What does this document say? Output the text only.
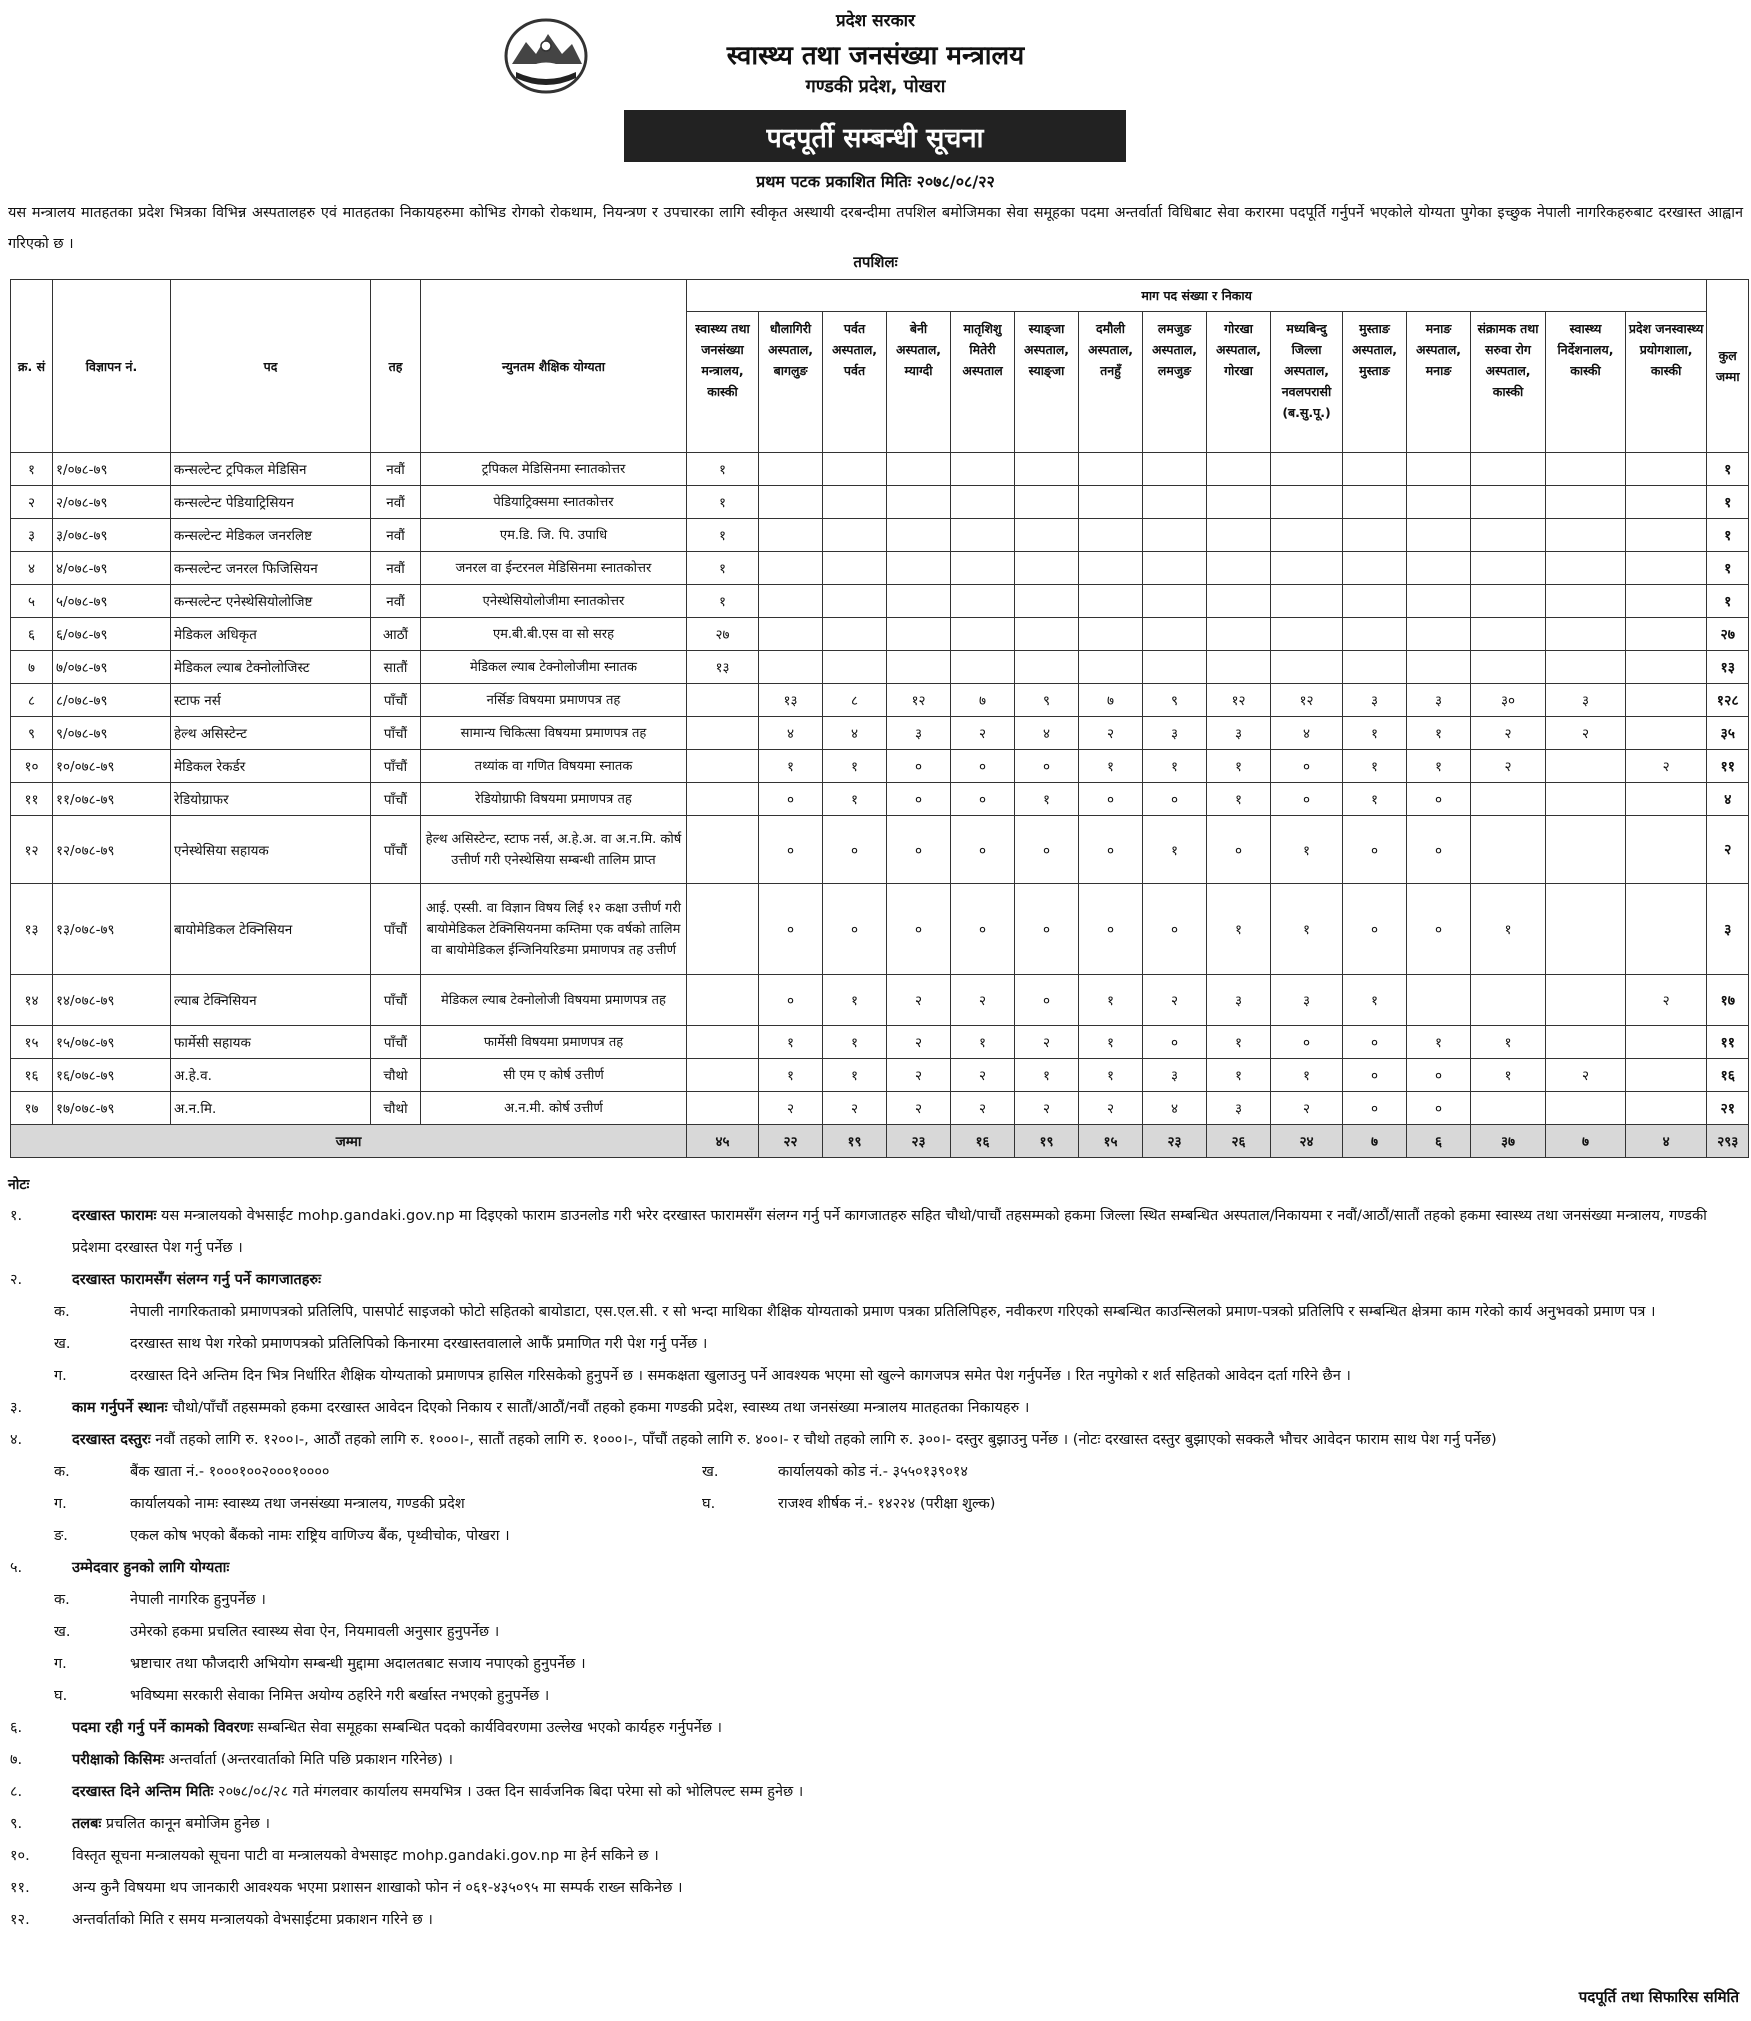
प्रदेश सरकार
स्वास्थ्य तथा जनसंख्या मन्त्रालय
गण्डकी प्रदेश, पोखरा
पदपूर्ती सम्बन्धी सूचना
प्रथम पटक प्रकाशित मितिः २०७८/०८/२२
यस मन्त्रालय मातहतका प्रदेश भित्रका विभिन्न अस्पतालहरु एवं मातहतका निकायहरुमा कोभिड रोगको रोकथाम, नियन्त्रण र उपचारका लागि स्वीकृत अस्थायी दरबन्दीमा तपशिल बमोजिमका सेवा समूहका पदमा अन्तर्वार्ता विधिबाट सेवा करारमा पदपूर्ति गर्नुपर्ने भएकोले योग्यता पुगेका इच्छुक नेपाली नागरिकहरुबाट दरखास्त आह्वान गरिएको छ ।
तपशिलः
क्र. सं	विज्ञापन नं.	पद	तह	न्युनतम शैक्षिक योग्यता	माग पद संख्या र निकाय															कुल जम्मा
					स्वास्थ्य तथा जनसंख्या मन्त्रालय, कास्की	धौलागिरी अस्पताल, बागलुङ	पर्वत अस्पताल, पर्वत	बेनी अस्पताल, म्याग्दी	मातृशिशु मितेरी अस्पताल	स्याङ्जा अस्पताल, स्याङ्जा	दमौली अस्पताल, तनहुँ	लमजुङ अस्पताल, लमजुङ	गोरखा अस्पताल, गोरखा	मध्यबिन्दु जिल्ला अस्पताल, नवलपरासी (ब.सु.पू.)	मुस्ताङ अस्पताल, मुस्ताङ	मनाङ अस्पताल, मनाङ	संक्रामक तथा सरुवा रोग अस्पताल, कास्की	स्वास्थ्य निर्देशनालय, कास्की	प्रदेश जनस्वास्थ्य प्रयोगशाला, कास्की	
१	१/०७८-७९	कन्सल्टेन्ट ट्रपिकल मेडिसिन	नवौं	ट्रपिकल मेडिसिनमा स्नातकोत्तर	१															१
२	२/०७८-७९	कन्सल्टेन्ट पेडियाट्रिसियन	नवौं	पेडियाट्रिक्समा स्नातकोत्तर	१															१
३	३/०७८-७९	कन्सल्टेन्ट मेडिकल जनरलिष्ट	नवौं	एम.डि. जि. पि. उपाधि	१															१
४	४/०७८-७९	कन्सल्टेन्ट जनरल फिजिसियन	नवौं	जनरल वा ईन्टरनल मेडिसिनमा स्नातकोत्तर	१															१
५	५/०७८-७९	कन्सल्टेन्ट एनेस्थेसियोलोजिष्ट	नवौं	एनेस्थेसियोलोजीमा स्नातकोत्तर	१															१
६	६/०७८-७९	मेडिकल अधिकृत	आठौं	एम.बी.बी.एस वा सो सरह	२७															२७
७	७/०७८-७९	मेडिकल ल्याब टेक्नोलोजिस्ट	सातौं	मेडिकल ल्याब टेक्नोलोजीमा स्नातक	१३															१३
८	८/०७८-७९	स्टाफ नर्स	पाँचौं	नर्सिङ विषयमा प्रमाणपत्र तह		१३	८	१२	७	९	७	९	१२	१२	३	३	३०	३		१२८
९	९/०७८-७९	हेल्थ असिस्टेन्ट	पाँचौं	सामान्य चिकित्सा विषयमा प्रमाणपत्र तह		४	४	३	२	४	२	३	३	४	१	१	२	२		३५
१०	१०/०७८-७९	मेडिकल रेकर्डर	पाँचौं	तथ्यांक वा गणित विषयमा स्नातक		१	१	०	०	०	१	१	१	०	१	१	२		२	११
११	११/०७८-७९	रेडियोग्राफर	पाँचौं	रेडियोग्राफी विषयमा प्रमाणपत्र तह		०	१	०	०	१	०	०	१	०	१	०				४
१२	१२/०७८-७९	एनेस्थेसिया सहायक	पाँचौं	हेल्थ असिस्टेन्ट, स्टाफ नर्स, अ.हे.अ. वा अ.न.मि. कोर्ष उत्तीर्ण गरी एनेस्थेसिया सम्बन्धी तालिम प्राप्त		०	०	०	०	०	०	१	०	१	०	०				२
१३	१३/०७८-७९	बायोमेडिकल टेक्निसियन	पाँचौं	आई. एस्सी. वा विज्ञान विषय लिई १२ कक्षा उत्तीर्ण गरी बायोमेडिकल टेक्निसियनमा कम्तिमा एक वर्षको तालिम वा बायोमेडिकल ईन्जिनियरिङमा प्रमाणपत्र तह उत्तीर्ण		०	०	०	०	०	०	०	१	१	०	०	१			३
१४	१४/०७८-७९	ल्याब टेक्निसियन	पाँचौं	मेडिकल ल्याब टेक्नोलोजी विषयमा प्रमाणपत्र तह		०	१	२	२	०	१	२	३	३	१				२	१७
१५	१५/०७८-७९	फार्मेसी सहायक	पाँचौं	फार्मेसी विषयमा प्रमाणपत्र तह		१	१	२	१	२	१	०	१	०	०	१	१			११
१६	१६/०७८-७९	अ.हे.व.	चौथो	सी एम ए कोर्ष उत्तीर्ण		१	१	२	२	१	१	३	१	१	०	०	१	२		१६
१७	१७/०७८-७९	अ.न.मि.	चौथो	अ.न.मी. कोर्ष उत्तीर्ण		२	२	२	२	२	२	४	३	२	०	०				२१
जम्मा					४५	२२	१९	२३	१६	१९	१५	२३	२६	२४	७	६	३७	७	४	२९३
नोटः

१.	दरखास्त फारामः यस मन्त्रालयको वेभसाईट mohp.gandaki.gov.np मा दिइएको फाराम डाउनलोड गरी भरेर दरखास्त फारामसँग संलग्न गर्नु पर्ने कागजातहरु सहित चौथो/पाचौं तहसम्मको हकमा जिल्ला स्थित सम्बन्धित अस्पताल/निकायमा र नवौं/आठौं/सातौं तहको हकमा स्वास्थ्य तथा जनसंख्या मन्त्रालय, गण्डकी प्रदेशमा दरखास्त पेश गर्नु पर्नेछ ।

२.	दरखास्त फारामसँग संलग्न गर्नु पर्ने कागजातहरुः

क.	नेपाली नागरिकताको प्रमाणपत्रको प्रतिलिपि, पासपोर्ट साइजको फोटो सहितको बायोडाटा, एस.एल.सी. र सो भन्दा माथिका शैक्षिक योग्यताको प्रमाण पत्रका प्रतिलिपिहरु, नवीकरण गरिएको सम्बन्धित काउन्सिलको प्रमाण-पत्रको प्रतिलिपि र सम्बन्धित क्षेत्रमा काम गरेको कार्य अनुभवको प्रमाण पत्र ।
ख.	दरखास्त साथ पेश गरेको प्रमाणपत्रको प्रतिलिपिको किनारमा दरखास्तवालाले आफैं प्रमाणित गरी पेश गर्नु पर्नेछ ।
ग.	दरखास्त दिने अन्तिम दिन भित्र निर्धारित शैक्षिक योग्यताको प्रमाणपत्र हासिल गरिसकेको हुनुपर्ने छ । समकक्षता खुलाउनु पर्ने आवश्यक भएमा सो खुल्ने कागजपत्र समेत पेश गर्नुपर्नेछ । रित नपुगेको र शर्त सहितको आवेदन दर्ता गरिने छैन ।

३.	काम गर्नुपर्ने स्थानः चौथो/पाँचौं तहसम्मको हकमा दरखास्त आवेदन दिएको निकाय र सातौं/आठौं/नवौं तहको हकमा गण्डकी प्रदेश, स्वास्थ्य तथा जनसंख्या मन्त्रालय मातहतका निकायहरु ।

४.	दरखास्त दस्तुरः नवौं तहको लागि रु. १२००।-, आठौं तहको लागि रु. १०००।-, सातौं तहको लागि रु. १०००।-, पाँचौं तहको लागि रु. ४००।- र चौथो तहको लागि रु. ३००।- दस्तुर बुझाउनु पर्नेछ । (नोटः दरखास्त दस्तुर बुझाएको सक्कलै भौचर आवेदन फाराम साथ पेश गर्नु पर्नेछ)

क.	बैंक खाता नं.- १०००१००२०००१००००	ख.	कार्यालयको कोड नं.- ३५५०१३९०१४
ग.	कार्यालयको नामः स्वास्थ्य तथा जनसंख्या मन्त्रालय, गण्डकी प्रदेश	घ.	राजश्व शीर्षक नं.- १४२२४ (परीक्षा शुल्क)
ङ.	एकल कोष भएको बैंकको नामः राष्ट्रिय वाणिज्य बैंक, पृथ्वीचोक, पोखरा ।

५.	उम्मेदवार हुनको लागि योग्यताः

क.	नेपाली नागरिक हुनुपर्नेछ ।
ख.	उमेरको हकमा प्रचलित स्वास्थ्य सेवा ऐन, नियमावली अनुसार हुनुपर्नेछ ।
ग.	भ्रष्टाचार तथा फौजदारी अभियोग सम्बन्धी मुद्दामा अदालतबाट सजाय नपाएको हुनुपर्नेछ ।
घ.	भविष्यमा सरकारी सेवाका निमित्त अयोग्य ठहरिने गरी बर्खास्त नभएको हुनुपर्नेछ ।

६.	पदमा रही गर्नु पर्ने कामको विवरणः सम्बन्धित सेवा समूहका सम्बन्धित पदको कार्यविवरणमा उल्लेख भएको कार्यहरु गर्नुपर्नेछ ।

७.	परीक्षाको किसिमः अन्तर्वार्ता (अन्तरवार्ताको मिति पछि प्रकाशन गरिनेछ) ।

८.	दरखास्त दिने अन्तिम मितिः २०७८/०८/२८ गते मंगलवार कार्यालय समयभित्र । उक्त दिन सार्वजनिक बिदा परेमा सो को भोलिपल्ट सम्म हुनेछ ।

९.	तलबः प्रचलित कानून बमोजिम हुनेछ ।

१०.	विस्तृत सूचना मन्त्रालयको सूचना पाटी वा मन्त्रालयको वेभसाइट mohp.gandaki.gov.np मा हेर्न सकिने छ ।

११.	अन्य कुनै विषयमा थप जानकारी आवश्यक भएमा प्रशासन शाखाको फोन नं ०६१-४३५०९५ मा सम्पर्क राख्न सकिनेछ ।

१२.	अन्तर्वार्ताको मिति र समय मन्त्रालयको वेभसाईटमा प्रकाशन गरिने छ ।

पदपूर्ति तथा सिफारिस समिति
